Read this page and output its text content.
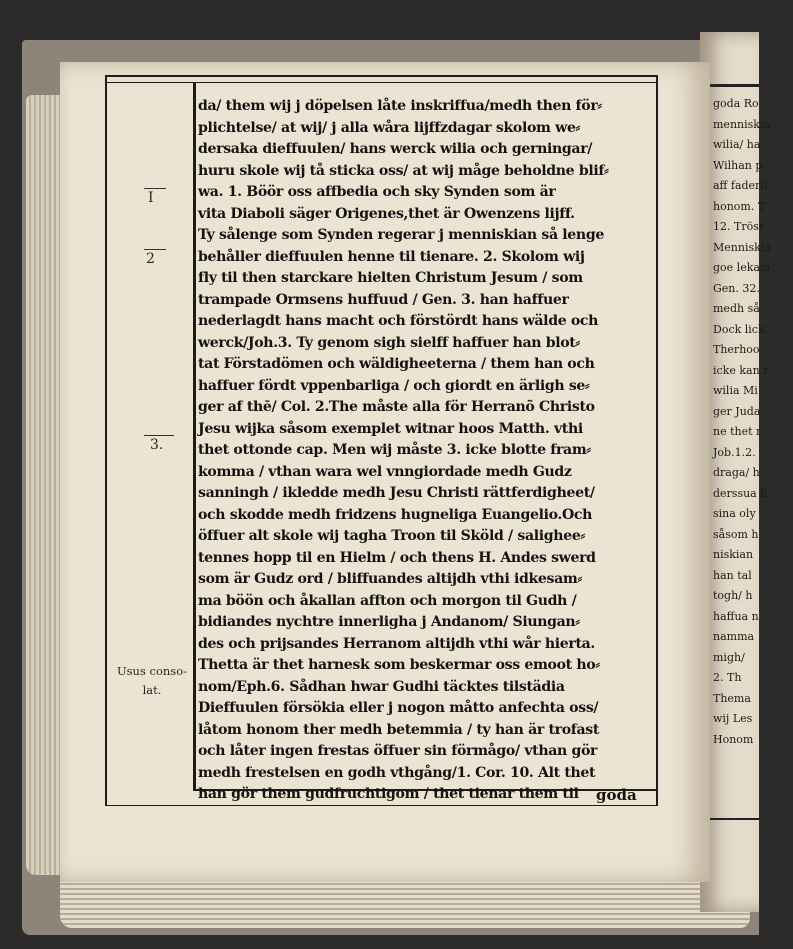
goda Ro
menniskia
wilia/ ha
Wilhan p
aff faderli
honom. T
12. Tröst
Menniskia
goe lekam
Gen. 32.
medh så
Dock lick
Therhoo
icke kan r
wilia Mi
ger Juda
ne thet r
Job.1.2.
draga/ h
derssua h
sina oly
såsom h
niskian
han tal
togh/ h
haffua n
namma
migh/
2. Th
Thema
wij Les
Honom
I
2
3.
Usus conso-
lat.
da/ them wij j döpelsen låte inskriffua/medh then för⸗
plichtelse/ at wij/ j alla wåra lijffzdagar skolom we⸗
dersaka dieffuulen/ hans werck wilia och gerningar/
huru skole wij tå sticka oss/ at wij måge beholdne blif⸗
wa. 1. Böör oss affbedia och sky Synden som är
vita Diaboli säger Origenes,thet är Owenzens lijff.
Ty sålenge som Synden regerar j menniskian så lenge
behåller dieffuulen henne til tienare. 2. Skolom wij
fly til then starckare hielten Christum Jesum / som
trampade Ormsens huffuud / Gen. 3. han haffuer
nederlagdt hans macht och förstördt hans wälde och
werck/Joh.3. Ty genom sigh sielff haffuer han blot⸗
tat Förstadömen och wäldigheeterna / them han och
haffuer fördt vppenbarliga / och giordt en ärligh se⸗
ger af thē/ Col. 2.The måste alla för Herranõ Christo
Jesu wijka såsom exemplet witnar hoos Matth. vthi
thet ottonde cap. Men wij måste 3. icke blotte fram⸗
komma / vthan wara wel vnngiordade medh Gudz
sanningh / ikledde medh Jesu Christi rättferdigheet/
och skodde medh fridzens hugneliga Euangelio.Och
öffuer alt skole wij tagha Troon til Sköld / salighee⸗
tennes hopp til en Hielm / och thens H. Andes swerd
som är Gudz ord / bliffuandes altijdh vthi idkesam⸗
ma böön och åkallan affton och morgon til Gudh /
bidiandes nychtre innerligha j Andanom/ Siungan⸗
des och prijsandes Herranom altijdh vthi wår hierta.
Thetta är thet harnesk som beskermar oss emoot ho⸗
nom/Eph.6. Sådhan hwar Gudhi täcktes tilstädia
Dieffuulen försökia eller j nogon måtto anfechta oss/
låtom honom ther medh betemmia / ty han är trofast
och låter ingen frestas öffuer sin förmågo/ vthan gör
medh frestelsen en godh vthgång/1. Cor. 10. Alt thet
han gör them gudfruchtigom / thet tienar them til	goda
